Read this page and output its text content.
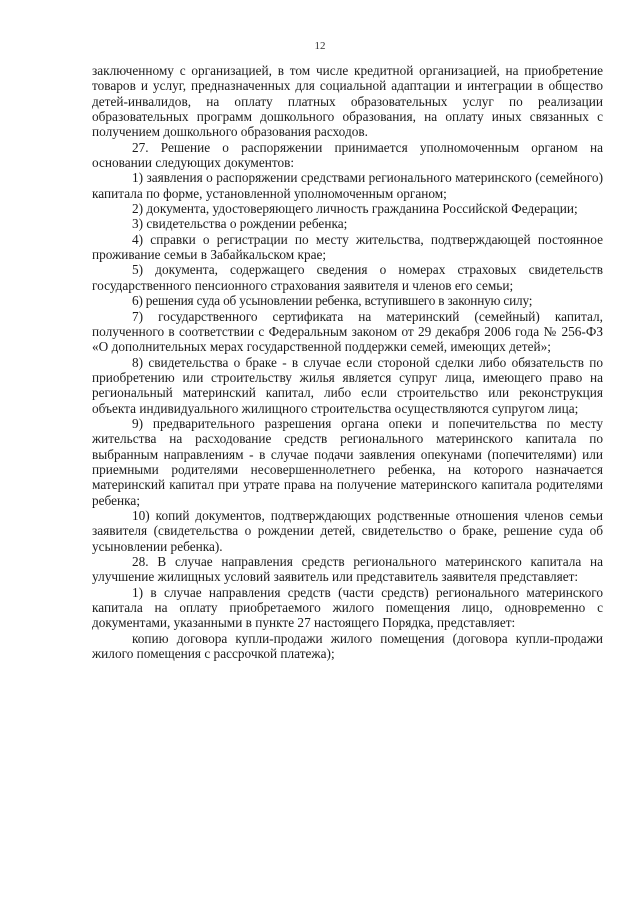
12

заключенному с организацией, в том числе кредитной организацией, на приобретение товаров и услуг, предназначенных для социальной адаптации и интеграции в общество детей-инвалидов, на оплату платных образовательных услуг по реализации образовательных программ дошкольного образования, на оплату иных связанных с получением дошкольного образования расходов.

27. Решение о распоряжении принимается уполномоченным органом на основании следующих документов:

1) заявления о распоряжении средствами регионального материнского (семейного) капитала по форме, установленной уполномоченным органом;

2) документа, удостоверяющего личность гражданина Российской Федерации;

3) свидетельства о рождении ребенка;

4) справки о регистрации по месту жительства, подтверждающей постоянное проживание семьи в Забайкальском крае;

5) документа, содержащего сведения о номерах страховых свидетельств государственного пенсионного страхования заявителя и членов его семьи;

6) решения суда об усыновлении ребенка, вступившего в законную силу;

7) государственного сертификата на материнский (семейный) капитал, полученного в соответствии с Федеральным законом от 29 декабря 2006 года № 256-ФЗ «О дополнительных мерах государственной поддержки семей, имеющих детей»;

8) свидетельства о браке - в случае если стороной сделки либо обязательств по приобретению или строительству жилья является супруг лица, имеющего право на региональный материнский капитал, либо если строительство или реконструкция объекта индивидуального жилищного строительства осуществляются супругом лица;

9) предварительного разрешения органа опеки и попечительства по месту жительства на расходование средств регионального материнского капитала по выбранным направлениям - в случае подачи заявления опекунами (попечителями) или приемными родителями несовершеннолетнего ребенка, на которого назначается материнский капитал при утрате права на получение материнского капитала родителями ребенка;

10) копий документов, подтверждающих родственные отношения членов семьи заявителя (свидетельства о рождении детей, свидетельство о браке, решение суда об усыновлении ребенка).

28. В случае направления средств регионального материнского капитала на улучшение жилищных условий заявитель или представитель заявителя представляет:

1) в случае направления средств (части средств) регионального материнского капитала на оплату приобретаемого жилого помещения лицо, одновременно с документами, указанными в пункте 27 настоящего Порядка, представляет:

копию договора купли-продажи жилого помещения (договора купли-продажи жилого помещения с рассрочкой платежа);
